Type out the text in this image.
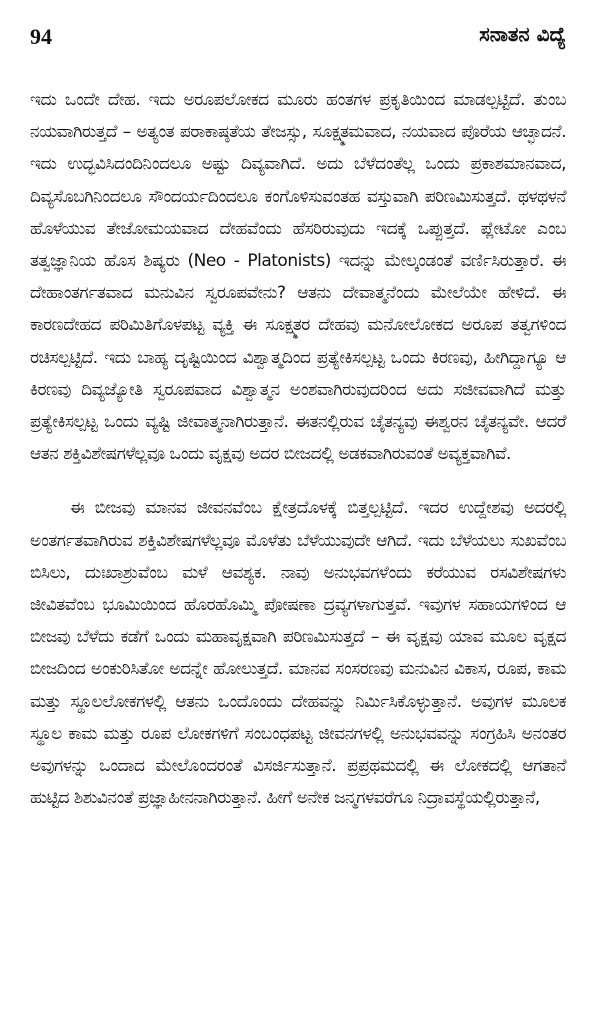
94	ಸನಾತನ ವಿದ್ಯೆ

ಇದು ಒಂದೇ ದೇಹ. ಇದು ಅರೂಪಲೋಕದ ಮೂರು ಹಂತಗಳ ಪ್ರಕೃತಿಯಿಂದ ಮಾಡಲ್ಪಟ್ಟಿದೆ. ತುಂಬ ನಯವಾಗಿರುತ್ತದೆ – ಅತ್ಯಂತ ಪರಾಕಾಷ್ಠತೆಯ ತೇಜಸ್ಸು, ಸೂಕ್ಷ್ಮತಮವಾದ, ನಯವಾದ ಪೊರೆಯ ಆಚ್ಛಾದನೆ. ಇದು ಉದ್ಭವಿಸಿದಂದಿನಿಂದಲೂ ಅಷ್ಟು ದಿವ್ಯವಾಗಿದೆ. ಅದು ಬೆಳೆದಂತೆಲ್ಲ ಒಂದು ಪ್ರಕಾಶಮಾನವಾದ, ದಿವ್ಯಸೊಬಗಿನಿಂದಲೂ ಸೌಂದರ್ಯದಿಂದಲೂ ಕಂಗೊಳಿಸುವಂತಹ ವಸ್ತುವಾಗಿ ಪರಿಣಮಿಸುತ್ತದೆ. ಥಳಥಳನೆ ಹೊಳೆಯುವ ತೇಜೋಮಯವಾದ ದೇಹವೆಂದು ಹೆಸರಿರುವುದು ಇದಕ್ಕೆ ಒಪ್ಪುತ್ತದೆ. ಪ್ಲೇಟೋ ಎಂಬ ತತ್ವಜ್ಞಾನಿಯ ಹೊಸ ಶಿಷ್ಯರು (Neo - Platonists) ಇದನ್ನು ಮೇಲ್ಕಂಡಂತೆ ವರ್ಣಿಸಿರುತ್ತಾರೆ. ಈ ದೇಹಾಂತರ್ಗತವಾದ ಮನುವಿನ ಸ್ವರೂಪವೇನು? ಆತನು ದೇವಾತ್ಮನೆಂದು ಮೇಲೆಯೇ ಹೇಳಿದೆ. ಈ ಕಾರಣದೇಹದ ಪರಿಮಿತಿಗೊಳಪಟ್ಟ ವ್ಯಕ್ತಿ ಈ ಸೂಕ್ಷ್ಮತರ ದೇಹವು ಮನೋಲೋಕದ ಅರೂಪ ತತ್ವಗಳಿಂದ ರಚಿಸಲ್ಪಟ್ಟಿದೆ. ಇದು ಬಾಹ್ಯ ದೃಷ್ಟಿಯಿಂದ ವಿಶ್ವಾತ್ಮದಿಂದ ಪ್ರತ್ಯೇಕಿಸಲ್ಪಟ್ಟ ಒಂದು ಕಿರಣವು, ಹೀಗಿದ್ದಾಗ್ಯೂ ಆ ಕಿರಣವು ದಿವ್ಯಜ್ಯೋತಿ ಸ್ವರೂಪವಾದ ವಿಶ್ವಾತ್ಮನ ಅಂಶವಾಗಿರುವುದರಿಂದ ಅದು ಸಜೀವವಾಗಿದೆ ಮತ್ತು ಪ್ರತ್ಯೇಕಿಸಲ್ಪಟ್ಟ ಒಂದು ವ್ಯಷ್ಟಿ ಜೀವಾತ್ಮನಾಗಿರುತ್ತಾನೆ. ಈತನಲ್ಲಿರುವ ಚೈತನ್ಯವು ಈಶ್ವರನ ಚೈತನ್ಯವೇ. ಆದರೆ ಆತನ ಶಕ್ತಿವಿಶೇಷಗಳೆಲ್ಲವೂ ಒಂದು ವೃಕ್ಷವು ಅದರ ಬೀಜದಲ್ಲಿ ಅಡಕವಾಗಿರುವಂತೆ ಅವ್ಯಕ್ತವಾಗಿವೆ.

ಈ ಬೀಜವು ಮಾನವ ಜೀವನವೆಂಬ ಕ್ಷೇತ್ರದೊಳಕ್ಕೆ ಬಿತ್ತಲ್ಪಟ್ಟಿದೆ. ಇದರ ಉದ್ದೇಶವು ಅದರಲ್ಲಿ ಅಂತರ್ಗತವಾಗಿರುವ ಶಕ್ತಿವಿಶೇಷಗಳೆಲ್ಲವೂ ಮೊಳೆತು ಬೆಳೆಯುವುದೇ ಆಗಿದೆ. ಇದು ಬೆಳೆಯಲು ಸುಖವೆಂಬ ಬಿಸಿಲು, ದುಃಖಾಶ್ರುವೆಂಬ ಮಳೆ ಆವಶ್ಯಕ. ನಾವು ಅನುಭವಗಳೆಂದು ಕರೆಯುವ ರಸವಿಶೇಷಗಳು ಜೀವಿತವೆಂಬ ಭೂಮಿಯಿಂದ ಹೊರಹೊಮ್ಮಿ ಪೋಷಣಾ ದ್ರವ್ಯಗಳಾಗುತ್ತವೆ. ಇವುಗಳ ಸಹಾಯಗಳಿಂದ ಆ ಬೀಜವು ಬೆಳೆದು ಕಡೆಗೆ ಒಂದು ಮಹಾವೃಕ್ಷವಾಗಿ ಪರಿಣಮಿಸುತ್ತದೆ – ಈ ವೃಕ್ಷವು ಯಾವ ಮೂಲ ವೃಕ್ಷದ ಬೀಜದಿಂದ ಅಂಕುರಿಸಿತೋ ಅದನ್ನೇ ಹೋಲುತ್ತದೆ. ಮಾನವ ಸಂಸರಣವು ಮನುವಿನ ವಿಕಾಸ, ರೂಪ, ಕಾಮ ಮತ್ತು ಸ್ಥೂಲಲೋಕಗಳಲ್ಲಿ ಆತನು ಒಂದೊಂದು ದೇಹವನ್ನು ನಿರ್ಮಿಸಿಕೊಳ್ಳುತ್ತಾನೆ. ಅವುಗಳ ಮೂಲಕ ಸ್ಥೂಲ ಕಾಮ ಮತ್ತು ರೂಪ ಲೋಕಗಳಿಗೆ ಸಂಬಂಧಪಟ್ಟ ಜೀವನಗಳಲ್ಲಿ ಅನುಭವವನ್ನು ಸಂಗ್ರಹಿಸಿ ಅನಂತರ ಅವುಗಳನ್ನು ಒಂದಾದ ಮೇಲೊಂದರಂತೆ ವಿಸರ್ಜಿಸುತ್ತಾನೆ. ಪ್ರಪ್ರಥಮದಲ್ಲಿ ಈ ಲೋಕದಲ್ಲಿ ಆಗತಾನೆ ಹುಟ್ಟಿದ ಶಿಶುವಿನಂತೆ ಪ್ರಜ್ಞಾಹೀನನಾಗಿರುತ್ತಾನೆ. ಹೀಗೆ ಅನೇಕ ಜನ್ಮಗಳವರೆಗೂ ನಿದ್ರಾವಸ್ಥೆಯಲ್ಲಿರುತ್ತಾನೆ,
